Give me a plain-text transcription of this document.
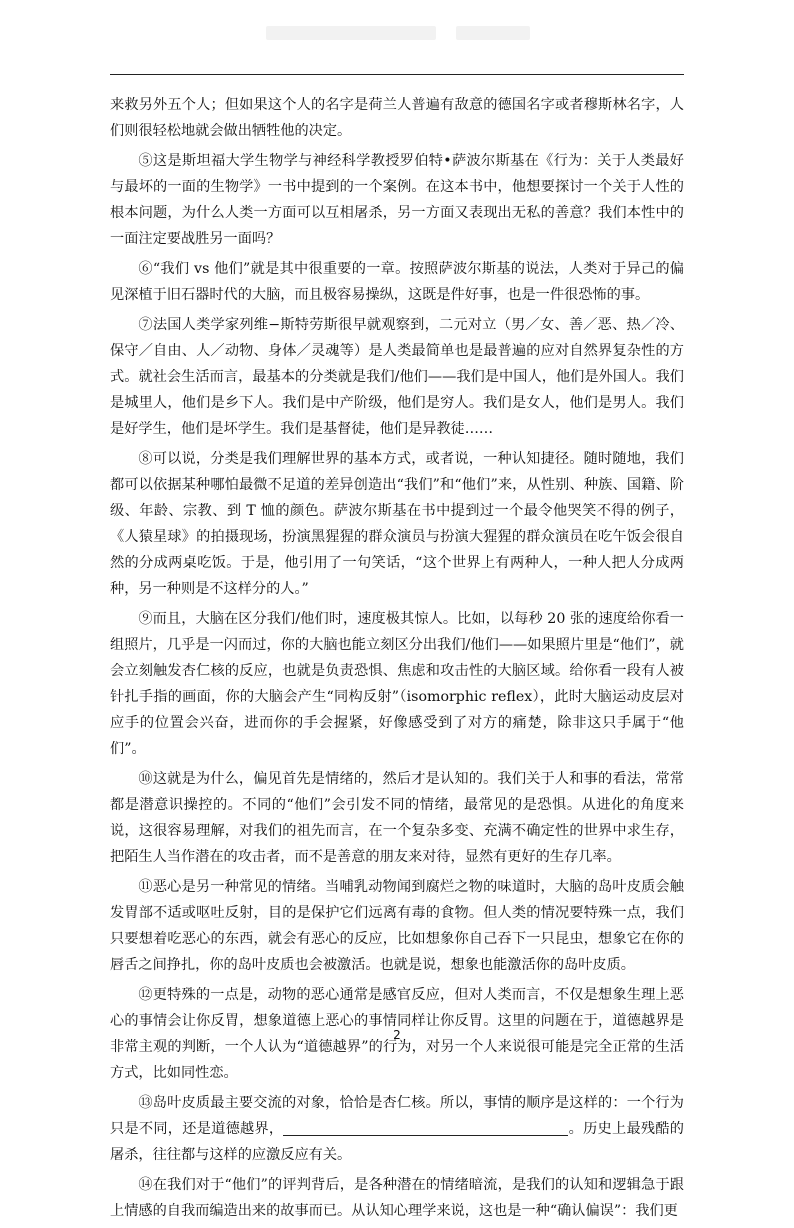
来救另外五个人；但如果这个人的名字是荷兰人普遍有敌意的德国名字或者穆斯林名字，人们则很轻松地就会做出牺牲他的决定。

⑤这是斯坦福大学生物学与神经科学教授罗伯特•萨波尔斯基在《行为：关于人类最好与最坏的一面的生物学》一书中提到的一个案例。在这本书中，他想要探讨一个关于人性的根本问题，为什么人类一方面可以互相屠杀，另一方面又表现出无私的善意？我们本性中的一面注定要战胜另一面吗？

⑥“我们 vs 他们”就是其中很重要的一章。按照萨波尔斯基的说法，人类对于异己的偏见深植于旧石器时代的大脑，而且极容易操纵，这既是件好事，也是一件很恐怖的事。

⑦法国人类学家列维−斯特劳斯很早就观察到，二元对立（男／女、善／恶、热／冷、保守／自由、人／动物、身体／灵魂等）是人类最简单也是最普遍的应对自然界复杂性的方式。就社会生活而言，最基本的分类就是我们/他们——我们是中国人，他们是外国人。我们是城里人，他们是乡下人。我们是中产阶级，他们是穷人。我们是女人，他们是男人。我们是好学生，他们是坏学生。我们是基督徒，他们是异教徒……

⑧可以说，分类是我们理解世界的基本方式，或者说，一种认知捷径。随时随地，我们都可以依据某种哪怕最微不足道的差异创造出“我们”和“他们”来，从性别、种族、国籍、阶级、年龄、宗教、到 T 恤的颜色。萨波尔斯基在书中提到过一个最令他哭笑不得的例子，《人猿星球》的拍摄现场，扮演黑猩猩的群众演员与扮演大猩猩的群众演员在吃午饭会很自然的分成两桌吃饭。于是，他引用了一句笑话，“这个世界上有两种人，一种人把人分成两种，另一种则是不这样分的人。”

⑨而且，大脑在区分我们/他们时，速度极其惊人。比如，以每秒 20 张的速度给你看一组照片，几乎是一闪而过，你的大脑也能立刻区分出我们/他们——如果照片里是“他们”，就会立刻触发杏仁核的反应，也就是负责恐惧、焦虑和攻击性的大脑区域。给你看一段有人被针扎手指的画面，你的大脑会产生“同构反射”（isomorphic reflex），此时大脑运动皮层对应手的位置会兴奋，进而你的手会握紧，好像感受到了对方的痛楚，除非这只手属于“他们”。

⑩这就是为什么，偏见首先是情绪的，然后才是认知的。我们关于人和事的看法，常常都是潜意识操控的。不同的“他们”会引发不同的情绪，最常见的是恐惧。从进化的角度来说，这很容易理解，对我们的祖先而言，在一个复杂多变、充满不确定性的世界中求生存，把陌生人当作潜在的攻击者，而不是善意的朋友来对待，显然有更好的生存几率。

⑪恶心是另一种常见的情绪。当哺乳动物闻到腐烂之物的味道时，大脑的岛叶皮质会触发胃部不适或呕吐反射，目的是保护它们远离有毒的食物。但人类的情况要特殊一点，我们只要想着吃恶心的东西，就会有恶心的反应，比如想象你自己吞下一只昆虫，想象它在你的唇舌之间挣扎，你的岛叶皮质也会被激活。也就是说，想象也能激活你的岛叶皮质。

⑫更特殊的一点是，动物的恶心通常是感官反应，但对人类而言，不仅是想象生理上恶心的事情会让你反胃，想象道德上恶心的事情同样让你反胃。这里的问题在于，道德越界是非常主观的判断，一个人认为“道德越界”的行为，对另一个人来说很可能是完全正常的生活方式，比如同性恋。

⑬岛叶皮质最主要交流的对象，恰恰是杏仁核。所以，事情的顺序是这样的：一个行为只是不同，还是道德越界，	。历史上最残酷的屠杀，往往都与这样的应激反应有关。

⑭在我们对于“他们”的评判背后，是各种潜在的情绪暗流，是我们的认知和逻辑急于跟上情感的自我而编造出来的故事而已。从认知心理学来说，这也是一种“确认偏误”：我们更

2
